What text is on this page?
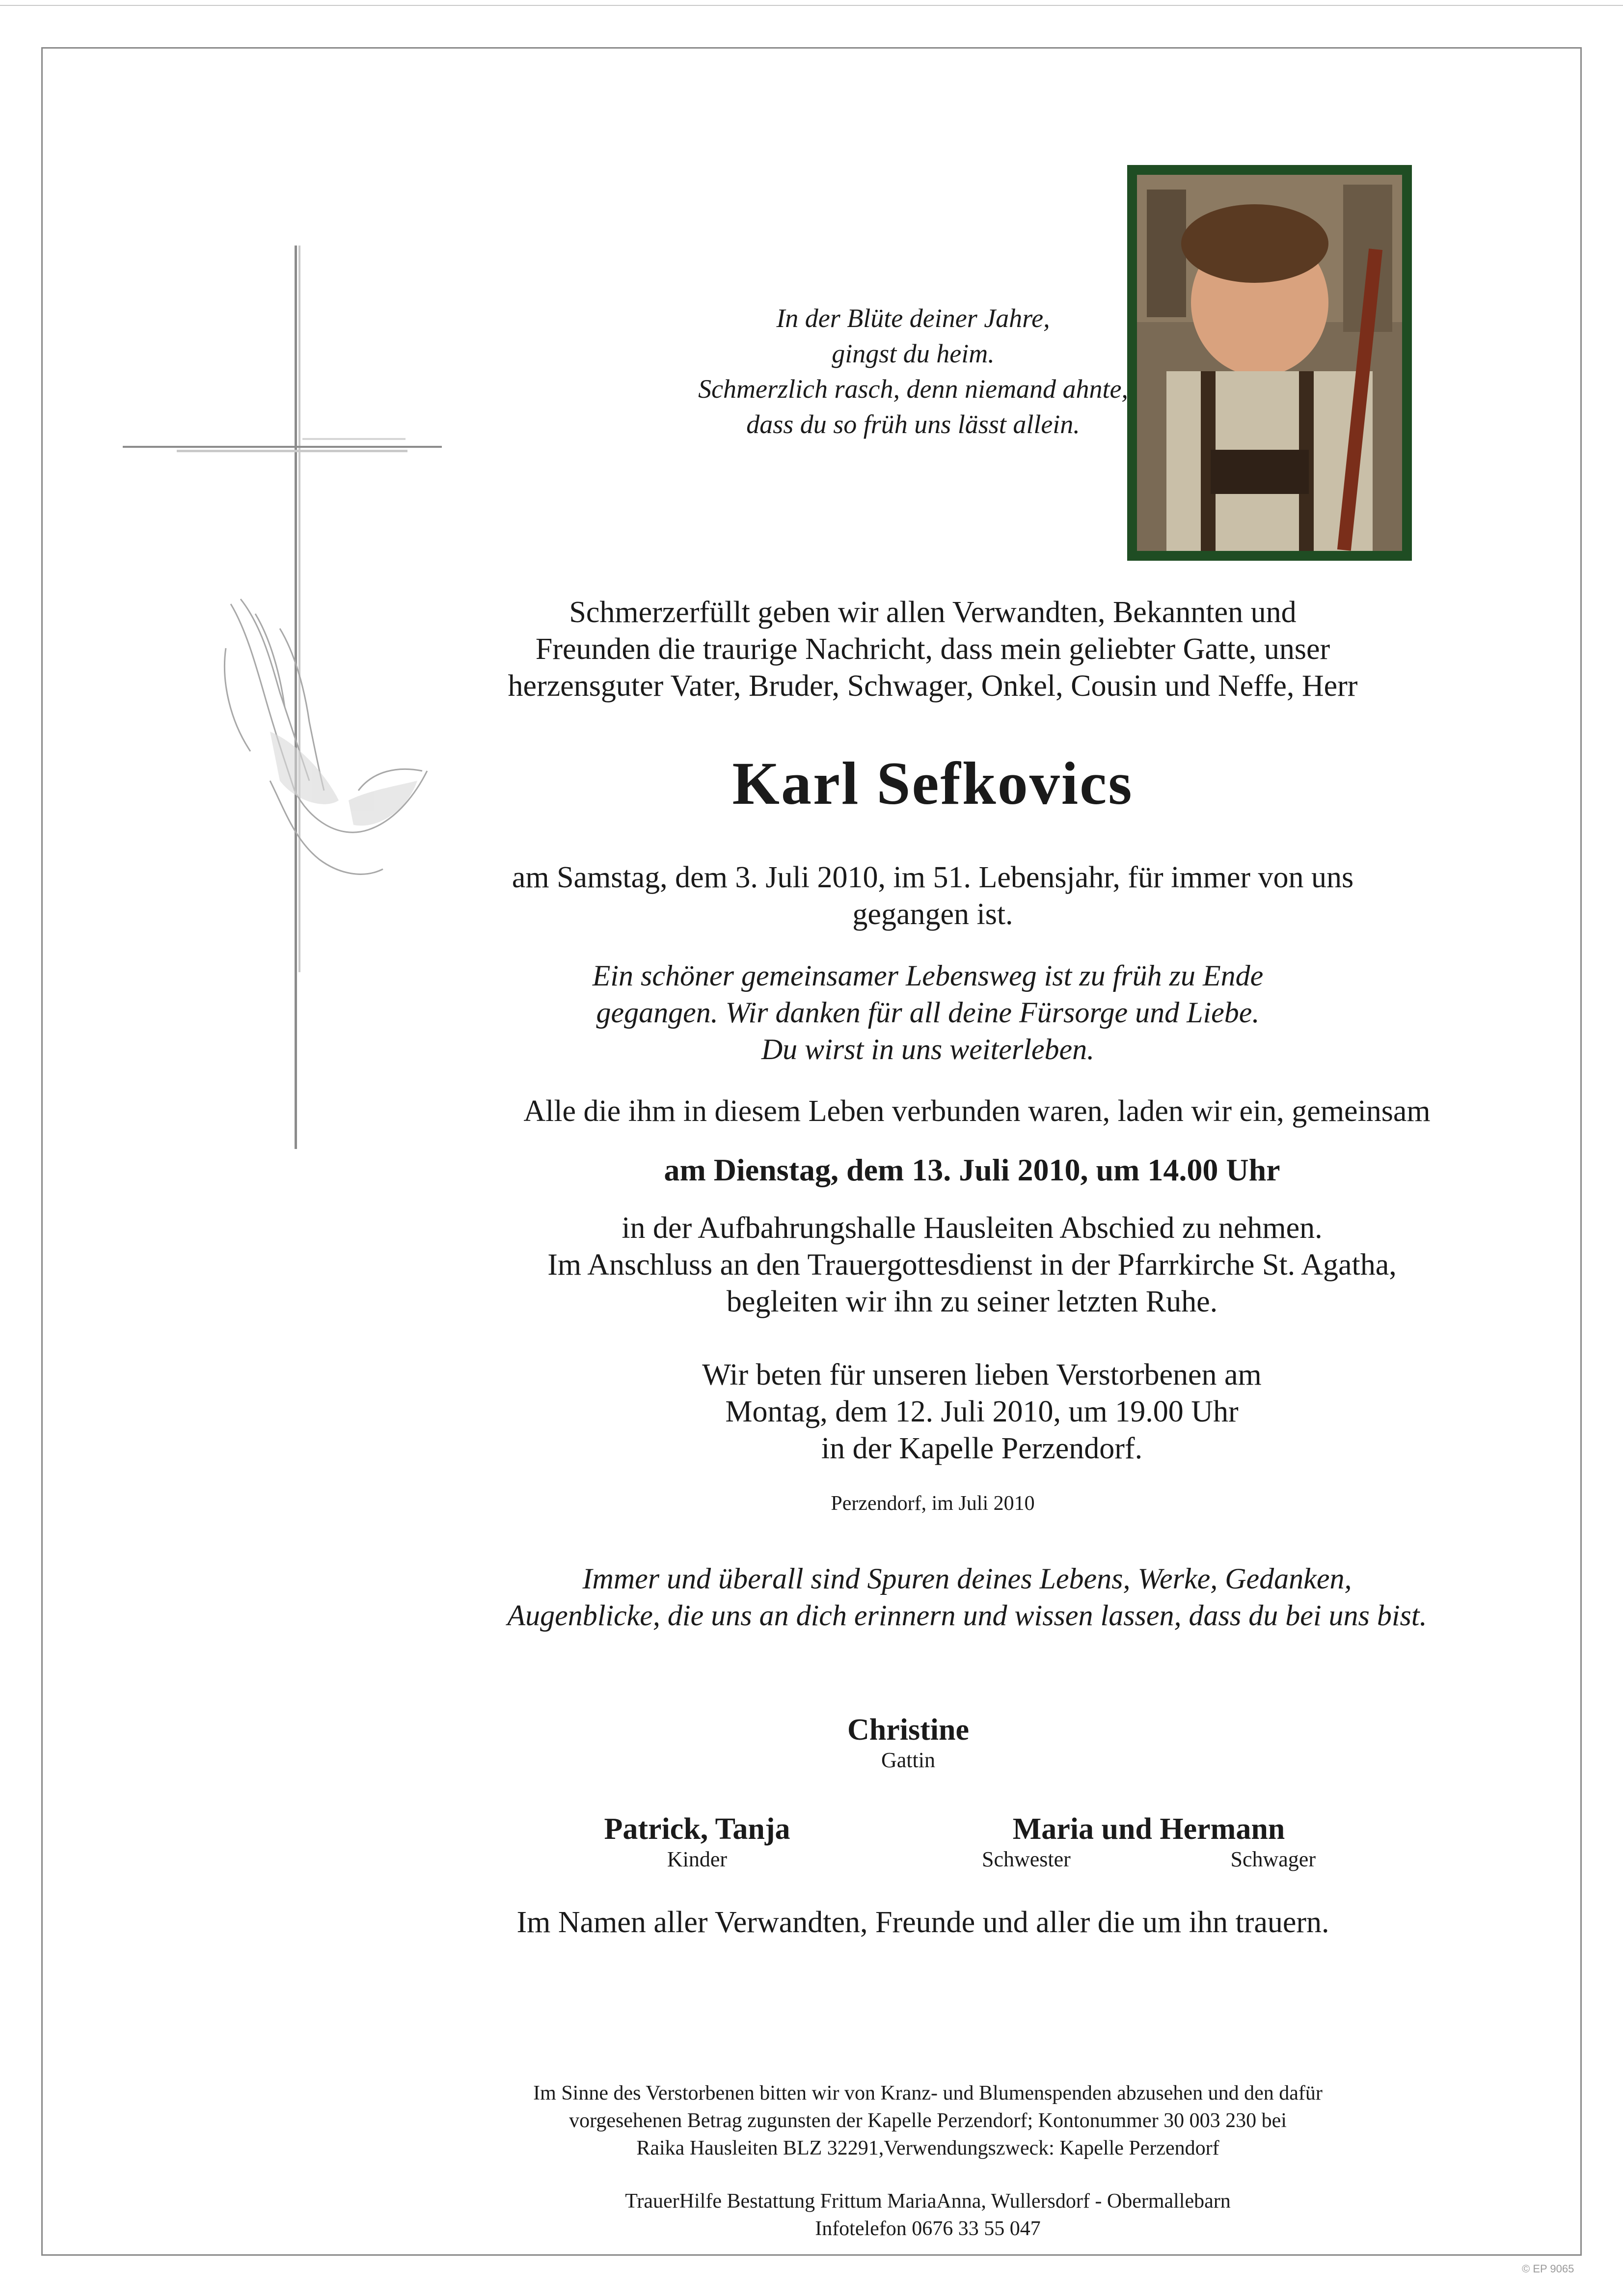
In der Blüte deiner Jahre,
gingst du heim.
Schmerzlich rasch, denn niemand ahnte,
dass du so früh uns lässt allein.
Schmerzerfüllt geben wir allen Verwandten, Bekannten und
Freunden die traurige Nachricht, dass mein geliebter Gatte, unser
herzensguter Vater, Bruder, Schwager, Onkel, Cousin und Neffe, Herr
Karl Sefkovics
am Samstag, dem 3. Juli 2010, im 51. Lebensjahr, für immer von uns
gegangen ist.
Ein schöner gemeinsamer Lebensweg ist zu früh zu Ende
gegangen. Wir danken für all deine Fürsorge und Liebe.
Du wirst in uns weiterleben.
Alle die ihm in diesem Leben verbunden waren, laden wir ein, gemeinsam
am Dienstag, dem 13. Juli 2010, um 14.00 Uhr
in der Aufbahrungshalle Hausleiten Abschied zu nehmen.
Im Anschluss an den Trauergottesdienst in der Pfarrkirche St. Agatha,
begleiten wir ihn zu seiner letzten Ruhe.
Wir beten für unseren lieben Verstorbenen am
Montag, dem 12. Juli 2010, um 19.00 Uhr
in der Kapelle Perzendorf.
Perzendorf, im Juli 2010
Immer und überall sind Spuren deines Lebens, Werke, Gedanken,
Augenblicke, die uns an dich erinnern und wissen lassen, dass du bei uns bist.
Christine
Gattin
Patrick, Tanja
Kinder
Maria und Hermann
Schwester	Schwager
Im Namen aller Verwandten, Freunde und aller die um ihn trauern.
Im Sinne des Verstorbenen bitten wir von Kranz- und Blumenspenden abzusehen und den dafür
vorgesehenen Betrag zugunsten der Kapelle Perzendorf; Kontonummer 30 003 230 bei
Raika Hausleiten BLZ 32291,Verwendungszweck: Kapelle Perzendorf
TrauerHilfe Bestattung Frittum MariaAnna, Wullersdorf - Obermallebarn
Infotelefon 0676 33 55 047
© EP 9065
